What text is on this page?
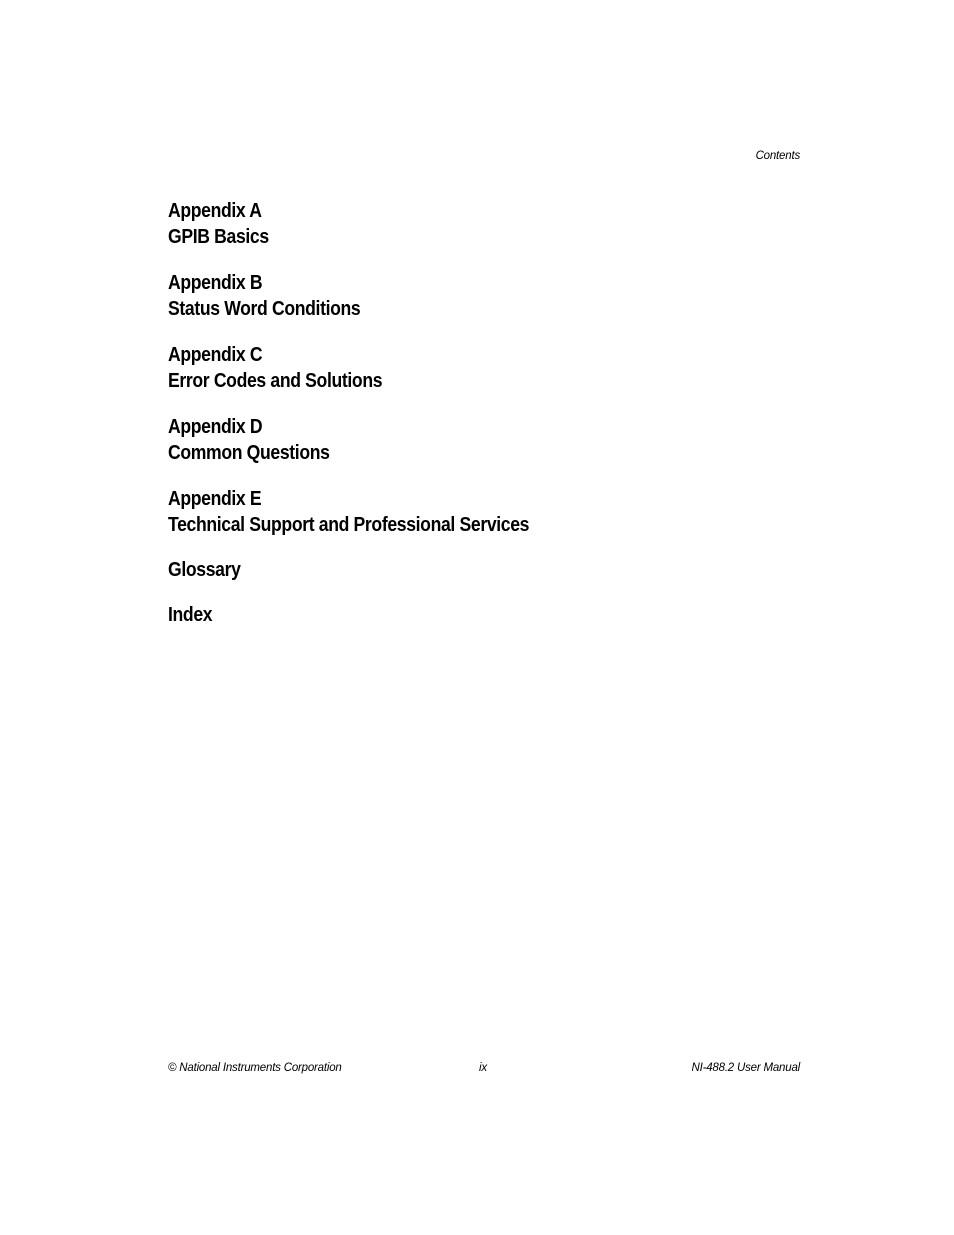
Contents
Appendix A
GPIB Basics
Appendix B
Status Word Conditions
Appendix C
Error Codes and Solutions
Appendix D
Common Questions
Appendix E
Technical Support and Professional Services
Glossary
Index
© National Instruments Corporation	ix	NI-488.2 User Manual
